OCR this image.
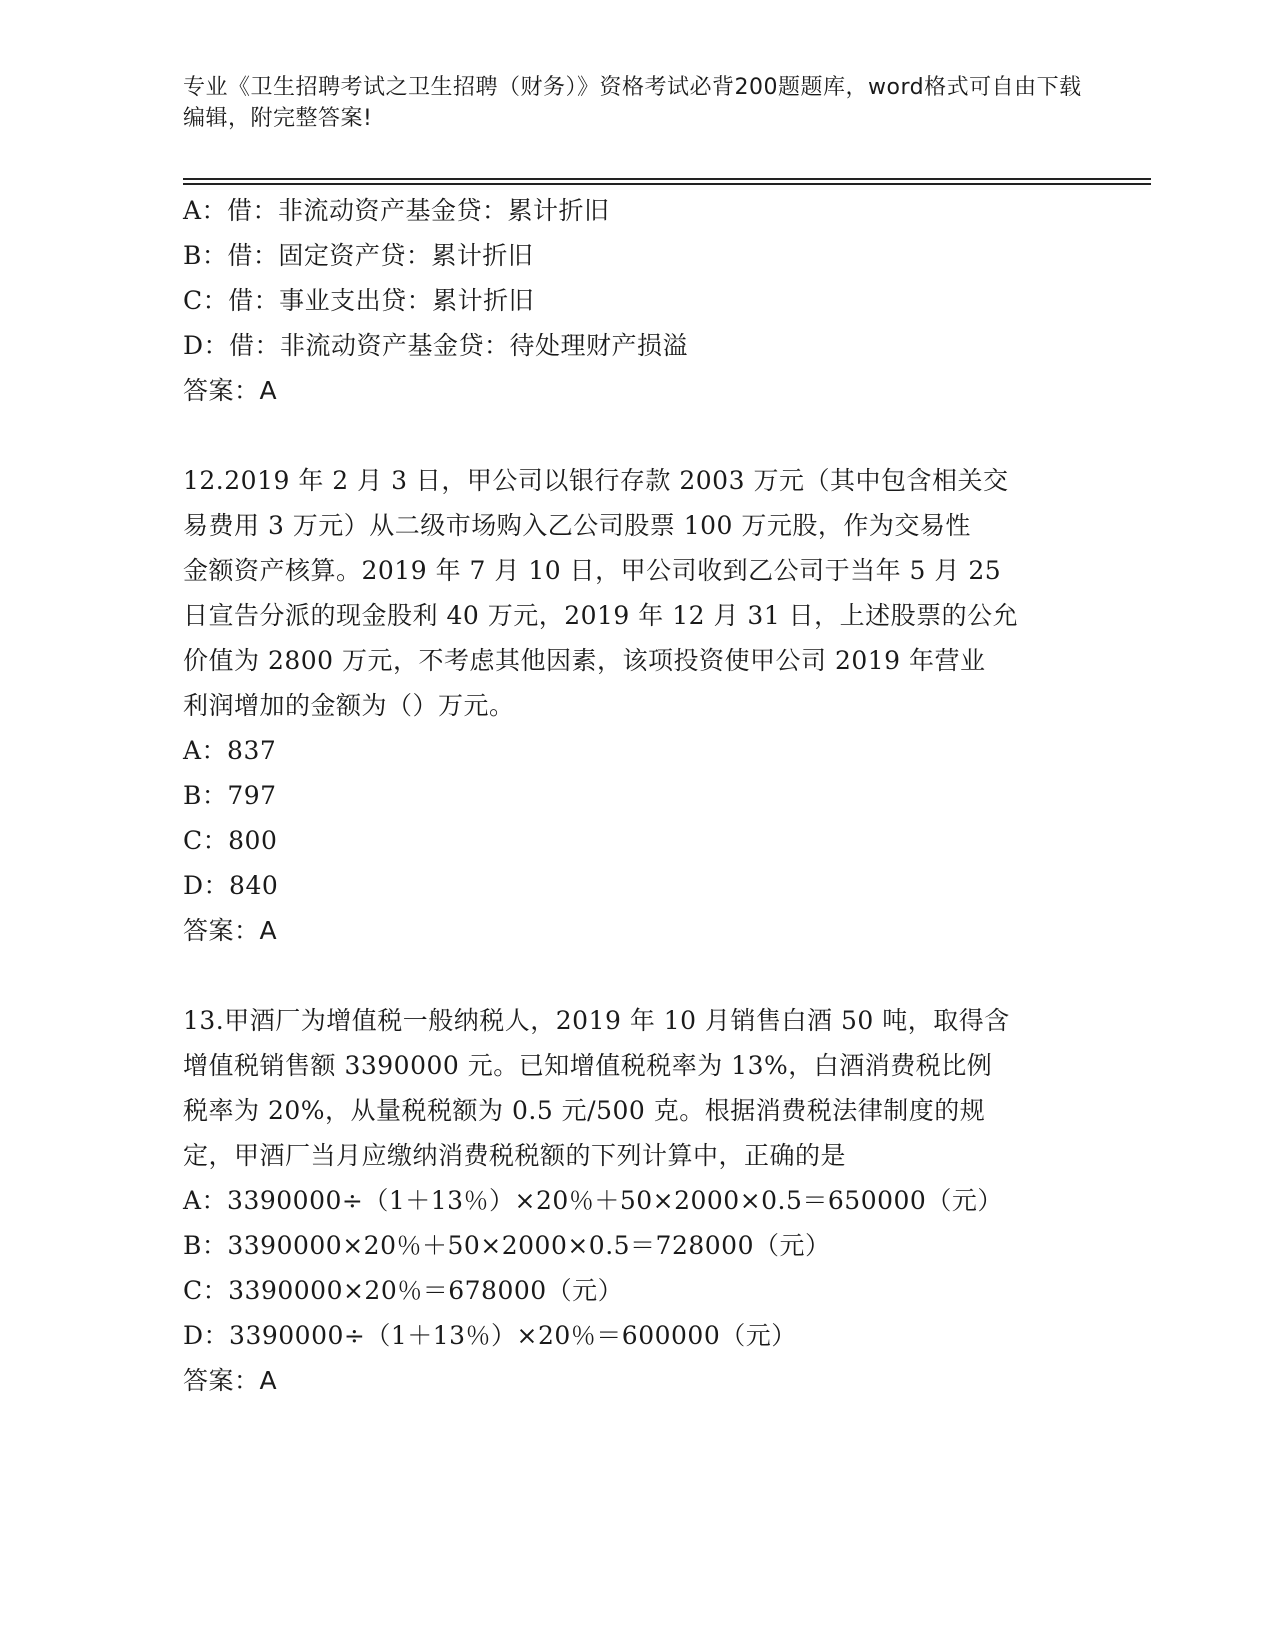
专业《卫生招聘考试之卫生招聘（财务）》资格考试必背200题题库，word格式可自由下载编辑，附完整答案!
A：借：非流动资产基金贷：累计折旧
B：借：固定资产贷：累计折旧
C：借：事业支出贷：累计折旧
D：借：非流动资产基金贷：待处理财产损溢
答案：A
12.2019 年 2 月 3 日，甲公司以银行存款 2003 万元（其中包含相关交
易费用 3 万元）从二级市场购入乙公司股票 100 万元股，作为交易性
金额资产核算。2019 年 7 月 10 日，甲公司收到乙公司于当年 5 月 25
日宣告分派的现金股利 40 万元，2019 年 12 月 31 日，上述股票的公允
价值为 2800 万元，不考虑其他因素，该项投资使甲公司 2019 年营业
利润增加的金额为（）万元。
A：837
B：797
C：800
D：840
答案：A
13.甲酒厂为增值税一般纳税人，2019 年 10 月销售白酒 50 吨，取得含
增值税销售额 3390000 元。已知增值税税率为 13%，白酒消费税比例
税率为 20%，从量税税额为 0.5 元/500 克。根据消费税法律制度的规
定，甲酒厂当月应缴纳消费税税额的下列计算中，正确的是
A：3390000÷（1＋13％）×20％＋50×2000×0.5＝650000（元）
B：3390000×20％＋50×2000×0.5＝728000（元）
C：3390000×20％＝678000（元）
D：3390000÷（1＋13％）×20％＝600000（元）
答案：A
